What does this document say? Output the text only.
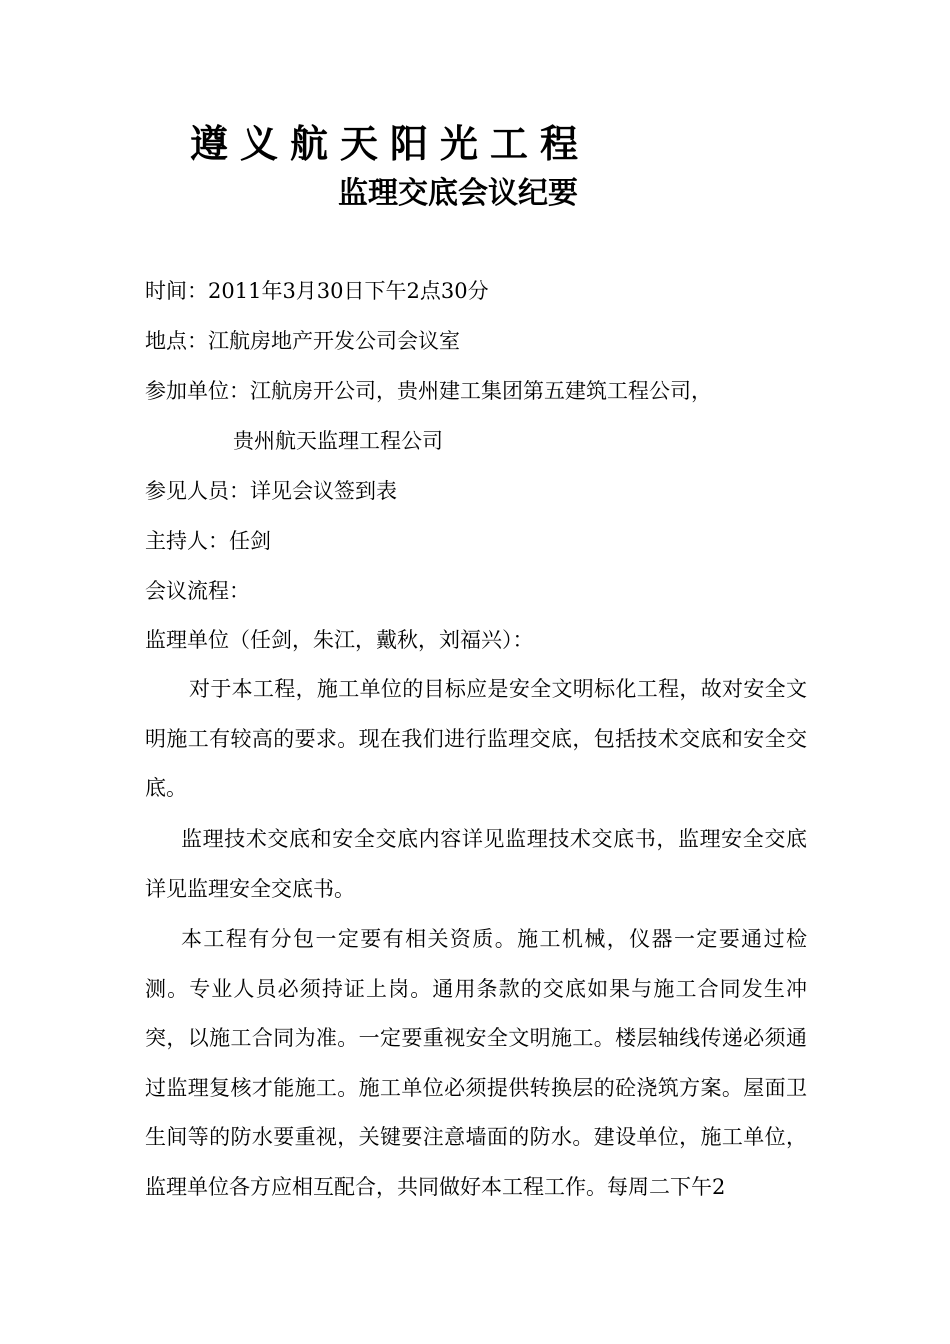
遵义航天阳光工程
监理交底会议纪要
时间：2011年3月30日下午2点30分
地点：江航房地产开发公司会议室
参加单位：江航房开公司，贵州建工集团第五建筑工程公司，
贵州航天监理工程公司
参见人员：详见会议签到表
主持人：任剑
会议流程：
监理单位（任剑，朱江，戴秋，刘福兴）：

对于本工程，施工单位的目标应是安全文明标化工程，故对安全文明施工有较高的要求。现在我们进行监理交底，包括技术交底和安全交底。

监理技术交底和安全交底内容详见监理技术交底书，监理安全交底详见监理安全交底书。

本工程有分包一定要有相关资质。施工机械，仪器一定要通过检测。专业人员必须持证上岗。通用条款的交底如果与施工合同发生冲突，以施工合同为准。一定要重视安全文明施工。楼层轴线传递必须通过监理复核才能施工。施工单位必须提供转换层的砼浇筑方案。屋面卫生间等的防水要重视，关键要注意墙面的防水。建设单位，施工单位，监理单位各方应相互配合，共同做好本工程工作。每周二下午2
